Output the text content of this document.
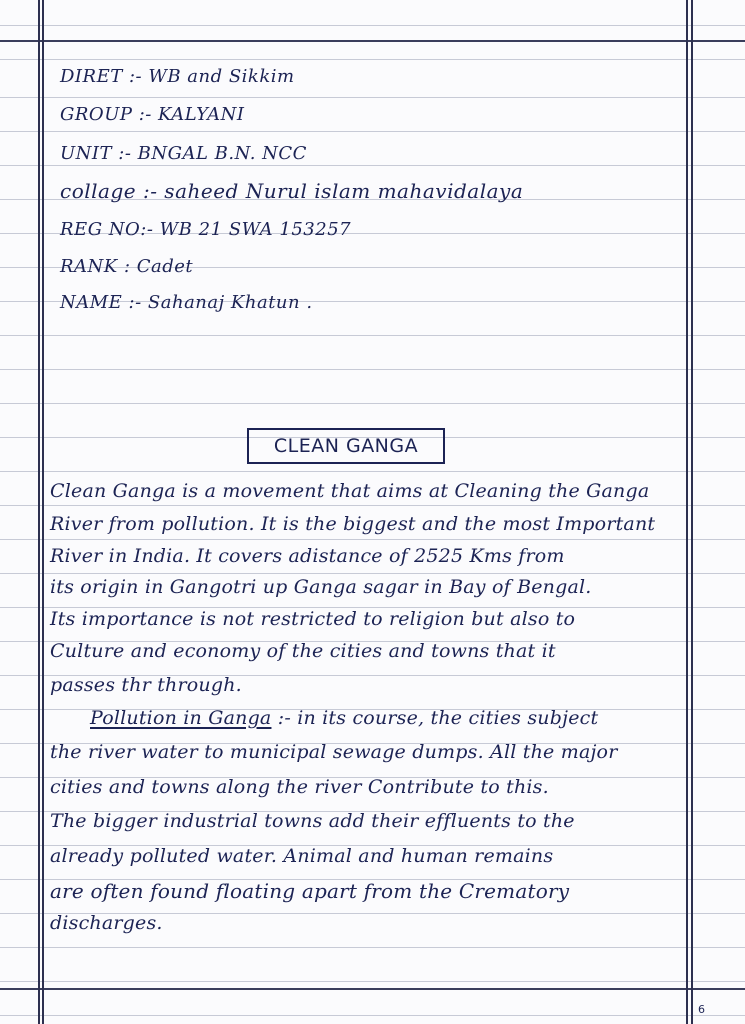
DIRET :- WB and Sikkim
GROUP :- KALYANI
UNIT :- BNGAL B.N. NCC
collage :- saheed Nurul islam mahavidalaya
REG NO:- WB 21 SWA 153257
RANK : Cadet
NAME :- Sahanaj Khatun .
CLEAN GANGA
Clean Ganga is a movement that aims at Cleaning the Ganga
River from pollution. It is the biggest and the most Important
River in India. It covers adistance of 2525 Kms from
its origin in Gangotri up Ganga sagar in Bay of Bengal.
Its importance is not restricted to religion but also to
Culture and economy of the cities and towns that it
passes thr through.
Pollution in Ganga :- in its course, the cities subject
the river water to municipal sewage dumps. All the major
cities and towns along the river Contribute to this.
The bigger industrial towns add their effluents to the
already polluted water. Animal and human remains
are often found floating apart from the Crematory
discharges.
6
